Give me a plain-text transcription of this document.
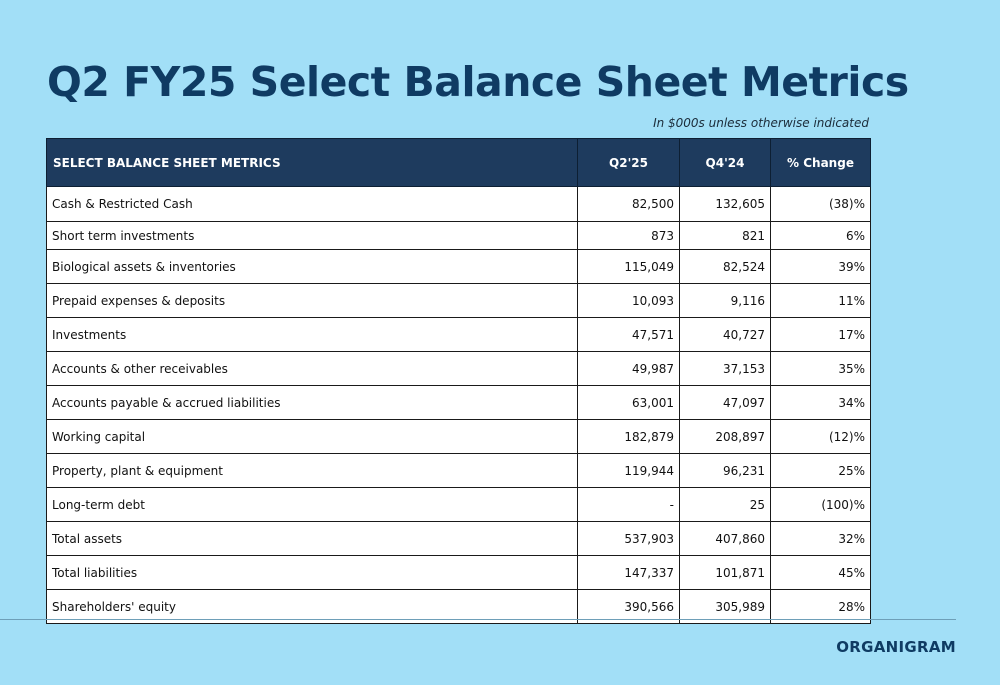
Q2 FY25 Select Balance Sheet Metrics
In $000s unless otherwise indicated
SELECT BALANCE SHEET METRICS	Q2'25	Q4'24	% Change
Cash & Restricted Cash	82,500	132,605	(38)%
Short term investments	873	821	6%
Biological assets & inventories	115,049	82,524	39%
Prepaid expenses & deposits	10,093	9,116	11%
Investments	47,571	40,727	17%
Accounts & other receivables	49,987	37,153	35%
Accounts payable & accrued liabilities	63,001	47,097	34%
Working capital	182,879	208,897	(12)%
Property, plant & equipment	119,944	96,231	25%
Long-term debt	-	25	(100)%
Total assets	537,903	407,860	32%
Total liabilities	147,337	101,871	45%
Shareholders' equity	390,566	305,989	28%
ORGANIGRAM
